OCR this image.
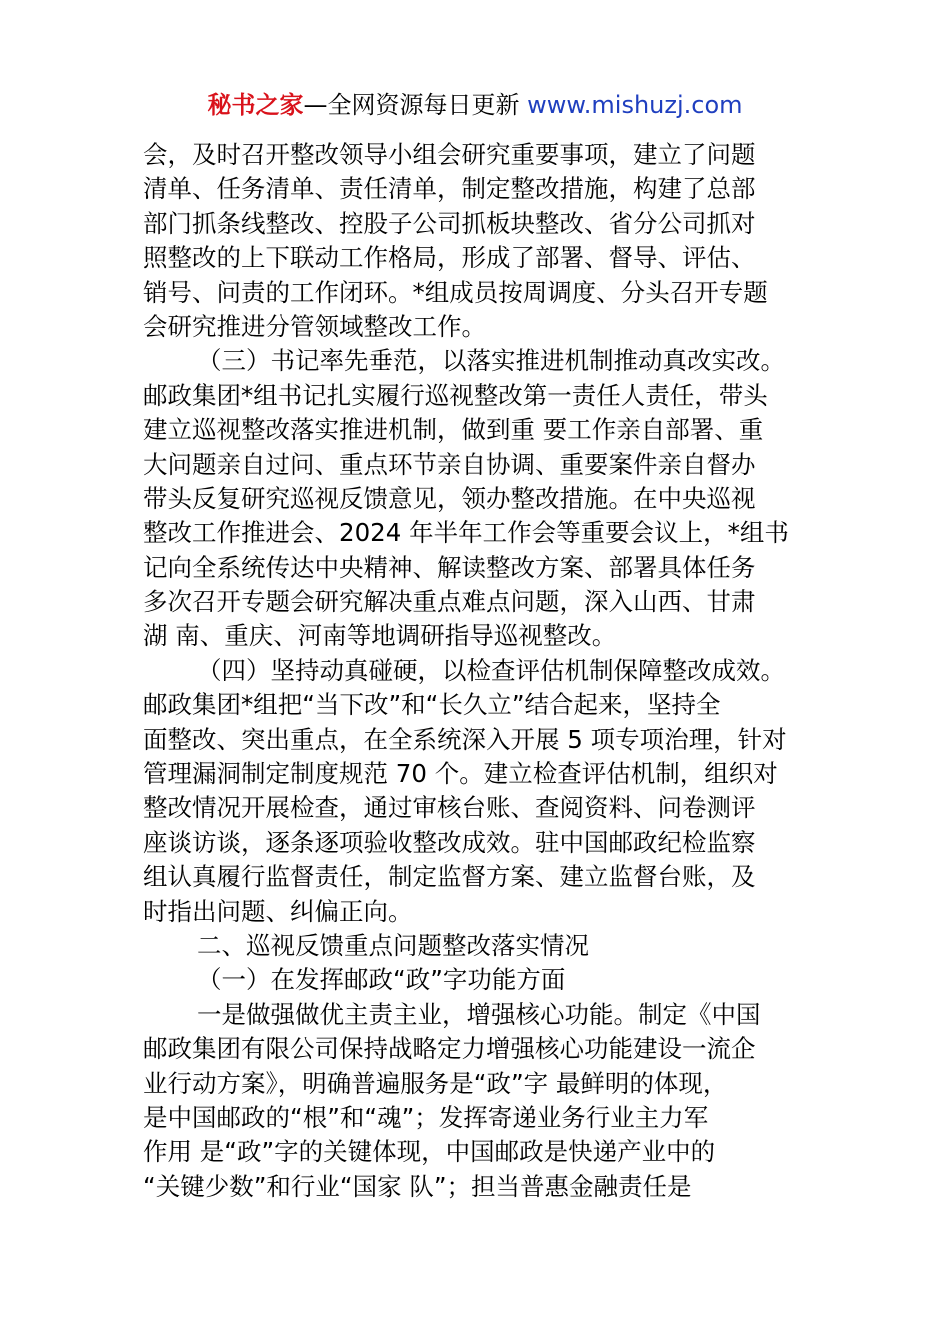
秘书之家—全网资源每日更新 www.mishuzj.com
会，及时召开整改领导小组会研究重要事项，建立了问题
清单、任务清单、责任清单，制定整改措施，构建了总部
部门抓条线整改、控股子公司抓板块整改、省分公司抓对
照整改的上下联动工作格局，形成了部署、督导、评估、
销号、问责的工作闭环。*组成员按周调度、分头召开专题
会研究推进分管领域整改工作。
（三）书记率先垂范，以落实推进机制推动真改实改。
邮政集团*组书记扎实履行巡视整改第一责任人责任，带头
建立巡视整改落实推进机制，做到重 要工作亲自部署、重
大问题亲自过问、重点环节亲自协调、重要案件亲自督办
带头反复研究巡视反馈意见，领办整改措施。在中央巡视
整改工作推进会、2024 年半年工作会等重要会议上，*组书
记向全系统传达中央精神、解读整改方案、部署具体任务
多次召开专题会研究解决重点难点问题，深入山西、甘肃
湖 南、重庆、河南等地调研指导巡视整改。
（四）坚持动真碰硬，以检查评估机制保障整改成效。
邮政集团*组把“当下改”和“长久立”结合起来，坚持全
面整改、突出重点，在全系统深入开展 5 项专项治理，针对
管理漏洞制定制度规范 70 个。建立检查评估机制，组织对
整改情况开展检查，通过审核台账、查阅资料、问卷测评
座谈访谈，逐条逐项验收整改成效。驻中国邮政纪检监察
组认真履行监督责任，制定监督方案、建立监督台账，及
时指出问题、纠偏正向。
二、巡视反馈重点问题整改落实情况
（一）在发挥邮政“政”字功能方面
一是做强做优主责主业，增强核心功能。制定《中国
邮政集团有限公司保持战略定力增强核心功能建设一流企
业行动方案》，明确普遍服务是“政”字 最鲜明的体现，
是中国邮政的“根”和“魂”；发挥寄递业务行业主力军
作用 是“政”字的关键体现，中国邮政是快递产业中的
“关键少数”和行业“国家 队”；担当普惠金融责任是
